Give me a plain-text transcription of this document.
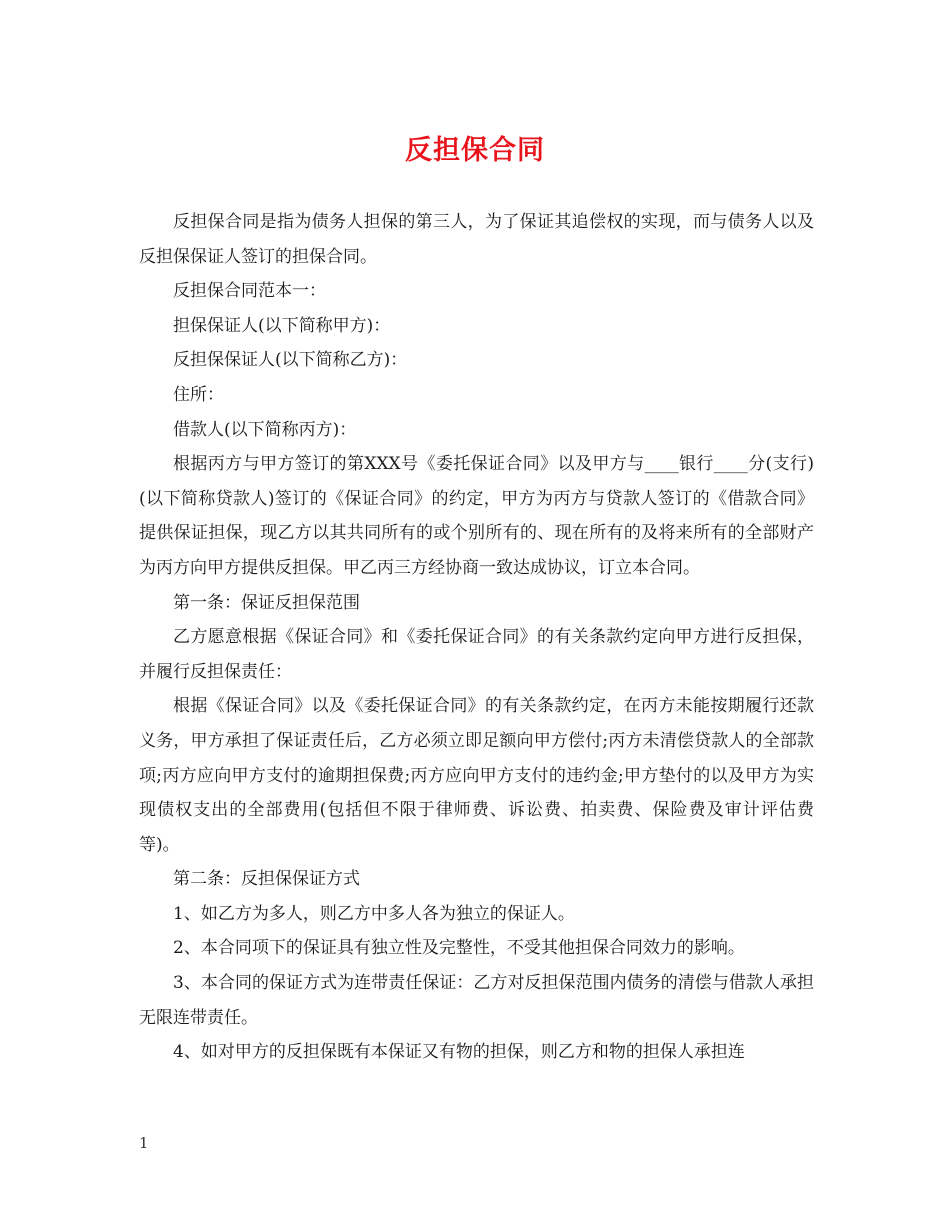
反担保合同

反担保合同是指为债务人担保的第三人，为了保证其追偿权的实现，而与债务人以及反担保保证人签订的担保合同。

反担保合同范本一：

担保保证人(以下简称甲方)：

反担保保证人(以下简称乙方)：

住所：

借款人(以下简称丙方)：

根据丙方与甲方签订的第XXX号《委托保证合同》以及甲方与____银行____分(支行)(以下简称贷款人)签订的《保证合同》的约定，甲方为丙方与贷款人签订的《借款合同》提供保证担保，现乙方以其共同所有的或个别所有的、现在所有的及将来所有的全部财产为丙方向甲方提供反担保。甲乙丙三方经协商一致达成协议，订立本合同。

第一条：保证反担保范围

乙方愿意根据《保证合同》和《委托保证合同》的有关条款约定向甲方进行反担保，并履行反担保责任：

根据《保证合同》以及《委托保证合同》的有关条款约定，在丙方未能按期履行还款义务，甲方承担了保证责任后，乙方必须立即足额向甲方偿付;丙方未清偿贷款人的全部款项;丙方应向甲方支付的逾期担保费;丙方应向甲方支付的违约金;甲方垫付的以及甲方为实现债权支出的全部费用(包括但不限于律师费、诉讼费、拍卖费、保险费及审计评估费等)。

第二条：反担保保证方式

1、如乙方为多人，则乙方中多人各为独立的保证人。

2、本合同项下的保证具有独立性及完整性，不受其他担保合同效力的影响。

3、本合同的保证方式为连带责任保证：乙方对反担保范围内债务的清偿与借款人承担无限连带责任。

4、如对甲方的反担保既有本保证又有物的担保，则乙方和物的担保人承担连

1
